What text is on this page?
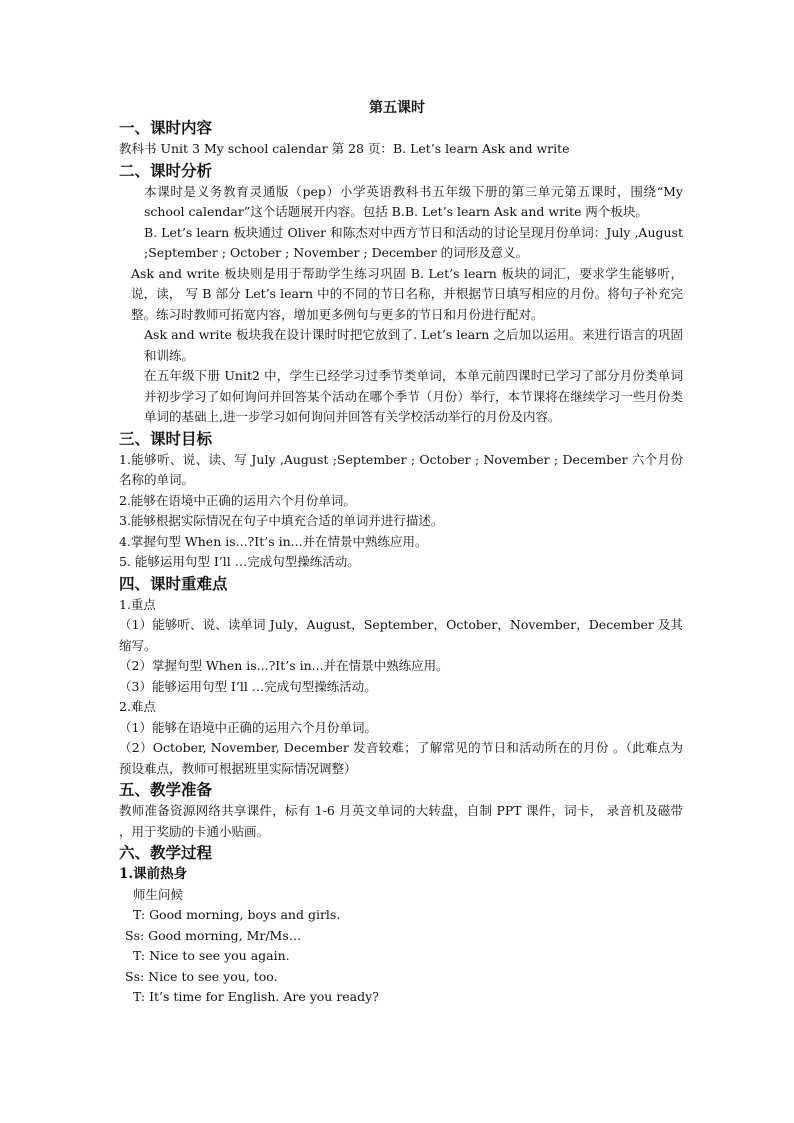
第五课时
一、课时内容
教科书 Unit 3 My school calendar 第 28 页：B. Let’s learn Ask and write
二、课时分析

本课时是义务教育灵通版（pep）小学英语教科书五年级下册的第三单元第五课时，围绕“My school calendar”这个话题展开内容。包括 B.B. Let’s learn Ask and write 两个板块。

B. Let’s learn 板块通过 Oliver 和陈杰对中西方节日和活动的讨论呈现月份单词：July ,August ;September ; October ; November ; December 的词形及意义。

Ask and write 板块则是用于帮助学生练习巩固 B. Let’s learn 板块的词汇，要求学生能够听，说，读， 写 B 部分 Let’s learn 中的不同的节日名称，并根据节日填写相应的月份。将句子补充完整。练习时教师可拓宽内容，增加更多例句与更多的节日和月份进行配对。

Ask and write 板块我在设计课时时把它放到了. Let’s learn 之后加以运用。来进行语言的巩固和训练。

在五年级下册 Unit2 中，学生已经学习过季节类单词，本单元前四课时已学习了部分月份类单词并初步学习了如何询问并回答某个活动在哪个季节（月份）举行，本节课将在继续学习一些月份类单词的基础上,进一步学习如何询问并回答有关学校活动举行的月份及内容。

三、课时目标

1.能够听、说、读、写 July ,August ;September ; October ; November ; December 六个月份名称的单词。

2.能够在语境中正确的运用六个月份单词。
3.能够根据实际情况在句子中填充合适的单词并进行描述。
4.掌握句型 When is...?It’s in...并在情景中熟练应用。
5. 能够运用句型 I’ll …完成句型操练活动。
四、课时重难点
1.重点

（1）能够听、说、读单词 July，August，September，October，November，December 及其缩写。

（2）掌握句型 When is...?It’s in...并在情景中熟练应用。
（3）能够运用句型 I’ll …完成句型操练活动。
2.难点
（1）能够在语境中正确的运用六个月份单词。

（2）October, November, December 发音较难；了解常见的节日和活动所在的月份 。（此难点为预设难点，教师可根据班里实际情况调整）

五、教学准备

教师准备资源网络共享课件，标有 1-6 月英文单词的大转盘，自制 PPT 课件，词卡， 录音机及磁带 ，用于奖励的卡通小贴画。

六、教学过程
1.课前热身
师生问候
T: Good morning, boys and girls.
Ss: Good morning, Mr/Ms…
T: Nice to see you again.
Ss: Nice to see you, too.
T: It’s time for English. Are you ready?
